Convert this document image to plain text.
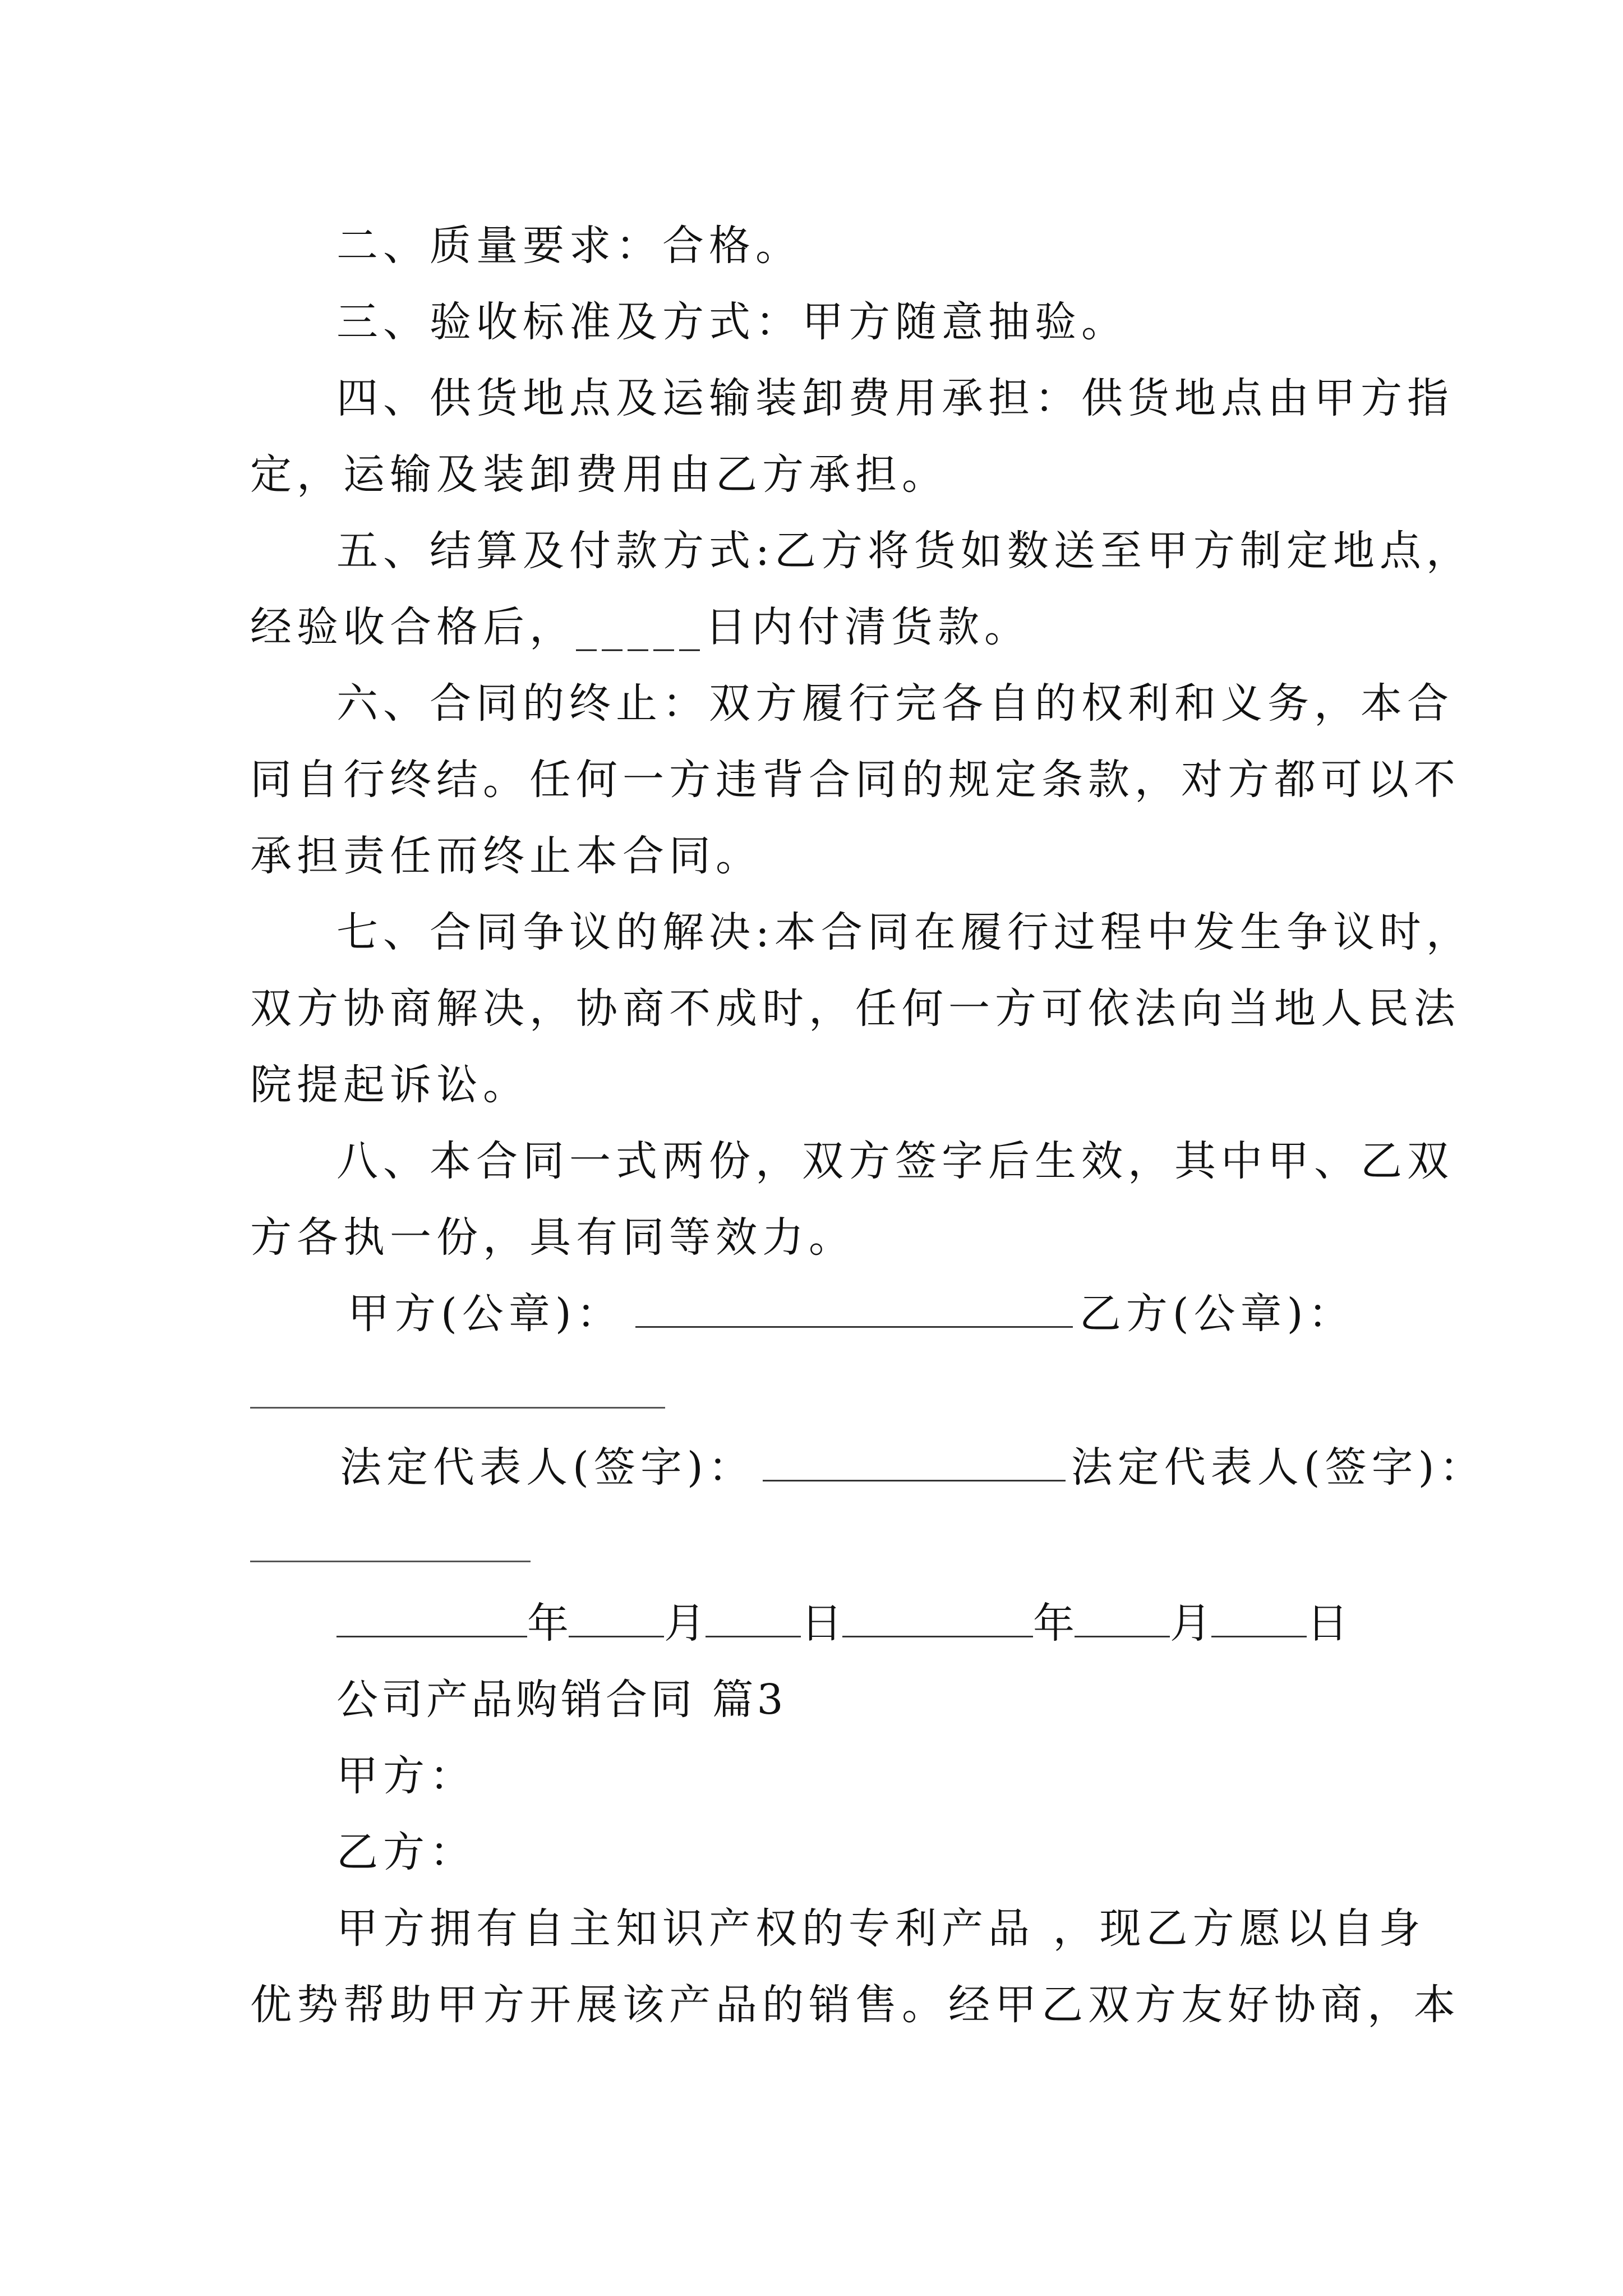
二、质量要求：合格。
三、验收标准及方式：甲方随意抽验。
四、供货地点及运输装卸费用承担：供货地点由甲方指
定，运输及装卸费用由乙方承担。
五、结算及付款方式:乙方将货如数送至甲方制定地点，
经验收合格后，_____日内付清货款。
六、合同的终止：双方履行完各自的权利和义务，本合
同自行终结。任何一方违背合同的规定条款，对方都可以不
承担责任而终止本合同。
七、合同争议的解决:本合同在履行过程中发生争议时，
双方协商解决，协商不成时，任何一方可依法向当地人民法
院提起诉讼。
八、本合同一式两份，双方签字后生效，其中甲、乙双
方各执一份，具有同等效力。
甲方(公章)：	乙方(公章)：
法定代表人(签字)：	法定代表人(签字)：
年 月 日	年 月 日
公司产品购销合同 篇3
甲方：
乙方：
甲方拥有自主知识产权的专利产品 ，现乙方愿以自身
优势帮助甲方开展该产品的销售。经甲乙双方友好协商，本
